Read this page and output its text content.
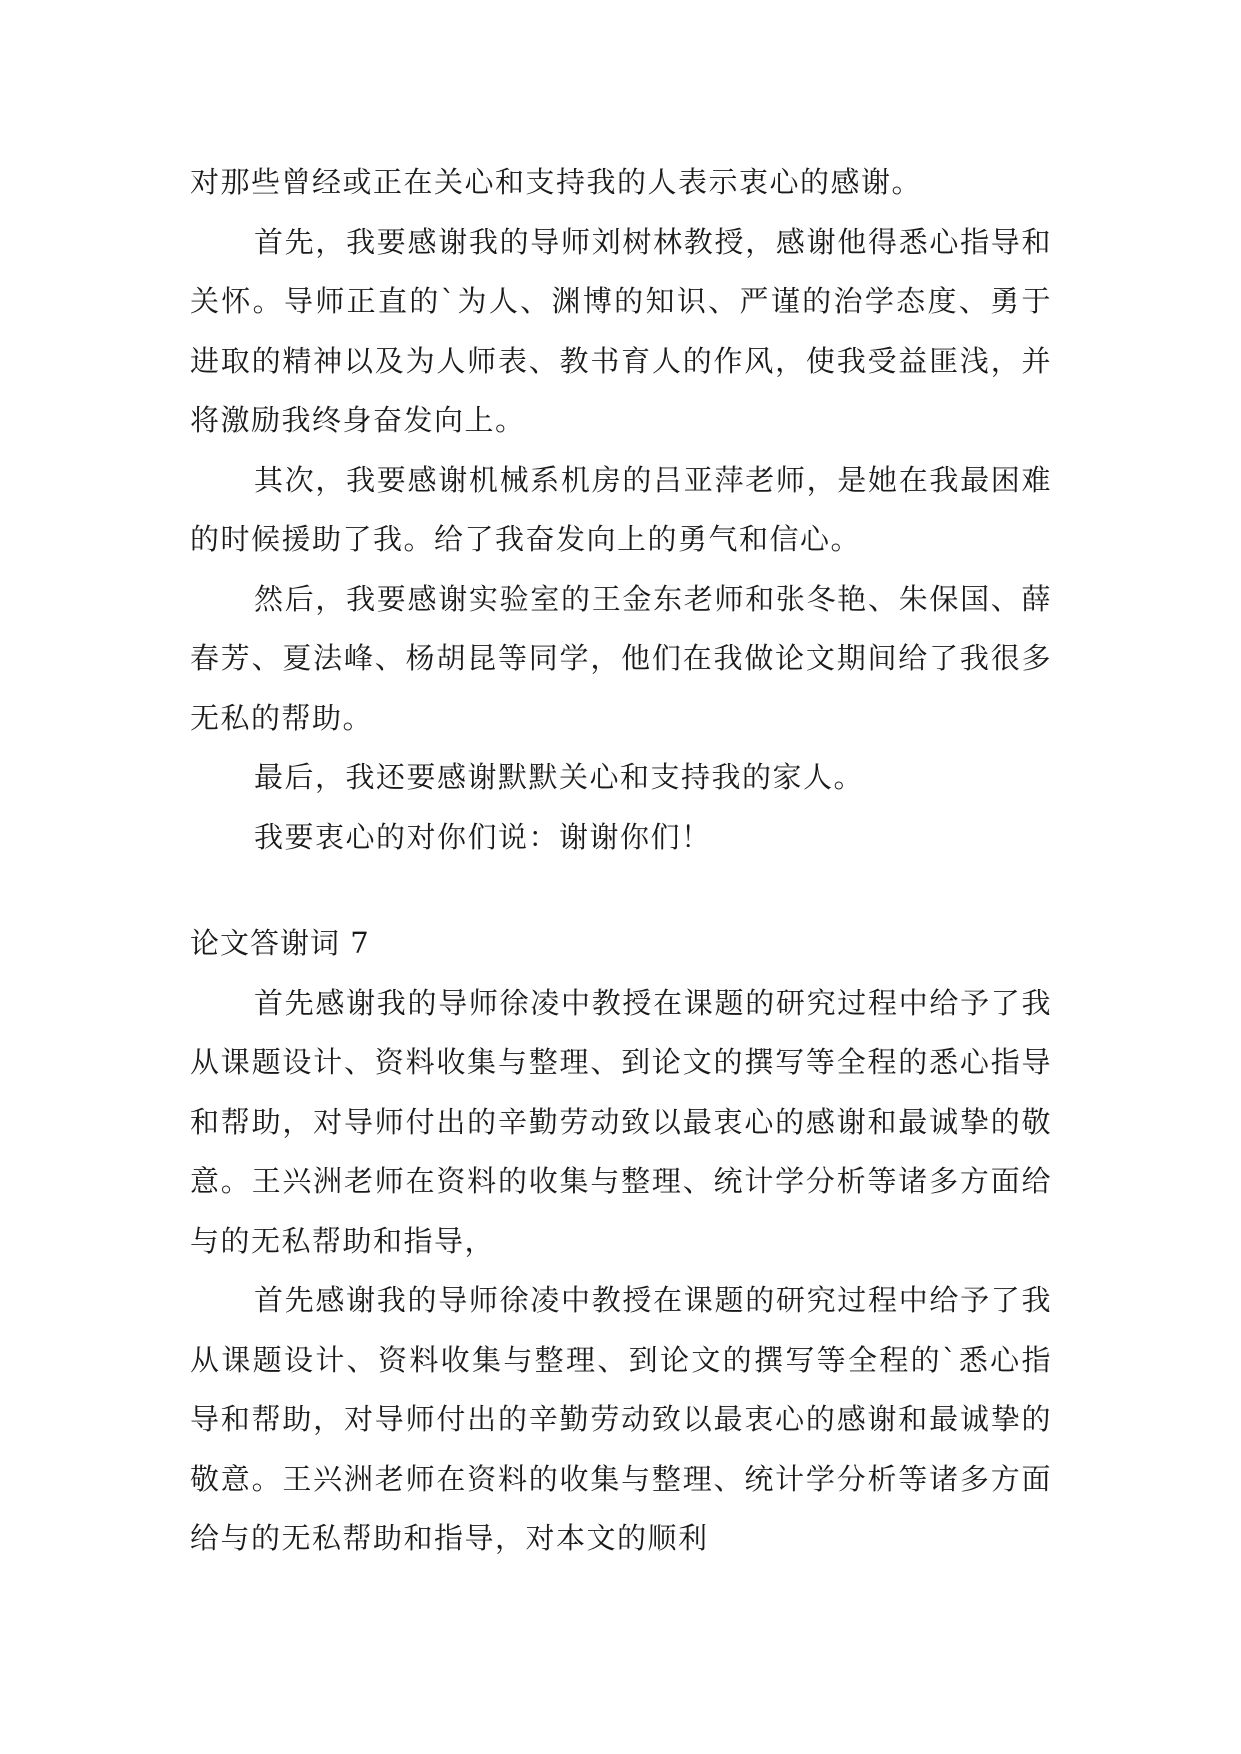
对那些曾经或正在关心和支持我的人表示衷心的感谢。

首先，我要感谢我的导师刘树林教授，感谢他得悉心指导和关怀。导师正直的`为人、渊博的知识、严谨的治学态度、勇于进取的精神以及为人师表、教书育人的作风，使我受益匪浅，并将激励我终身奋发向上。

其次，我要感谢机械系机房的吕亚萍老师，是她在我最困难的时候援助了我。给了我奋发向上的勇气和信心。

然后，我要感谢实验室的王金东老师和张冬艳、朱保国、薛春芳、夏法峰、杨胡昆等同学，他们在我做论文期间给了我很多无私的帮助。

最后，我还要感谢默默关心和支持我的家人。

我要衷心的对你们说：谢谢你们！

论文答谢词 7

首先感谢我的导师徐凌中教授在课题的研究过程中给予了我从课题设计、资料收集与整理、到论文的撰写等全程的悉心指导和帮助，对导师付出的辛勤劳动致以最衷心的感谢和最诚挚的敬意。王兴洲老师在资料的收集与整理、统计学分析等诸多方面给与的无私帮助和指导，

首先感谢我的导师徐凌中教授在课题的研究过程中给予了我从课题设计、资料收集与整理、到论文的撰写等全程的`悉心指导和帮助，对导师付出的辛勤劳动致以最衷心的感谢和最诚挚的敬意。王兴洲老师在资料的收集与整理、统计学分析等诸多方面给与的无私帮助和指导，对本文的顺利
